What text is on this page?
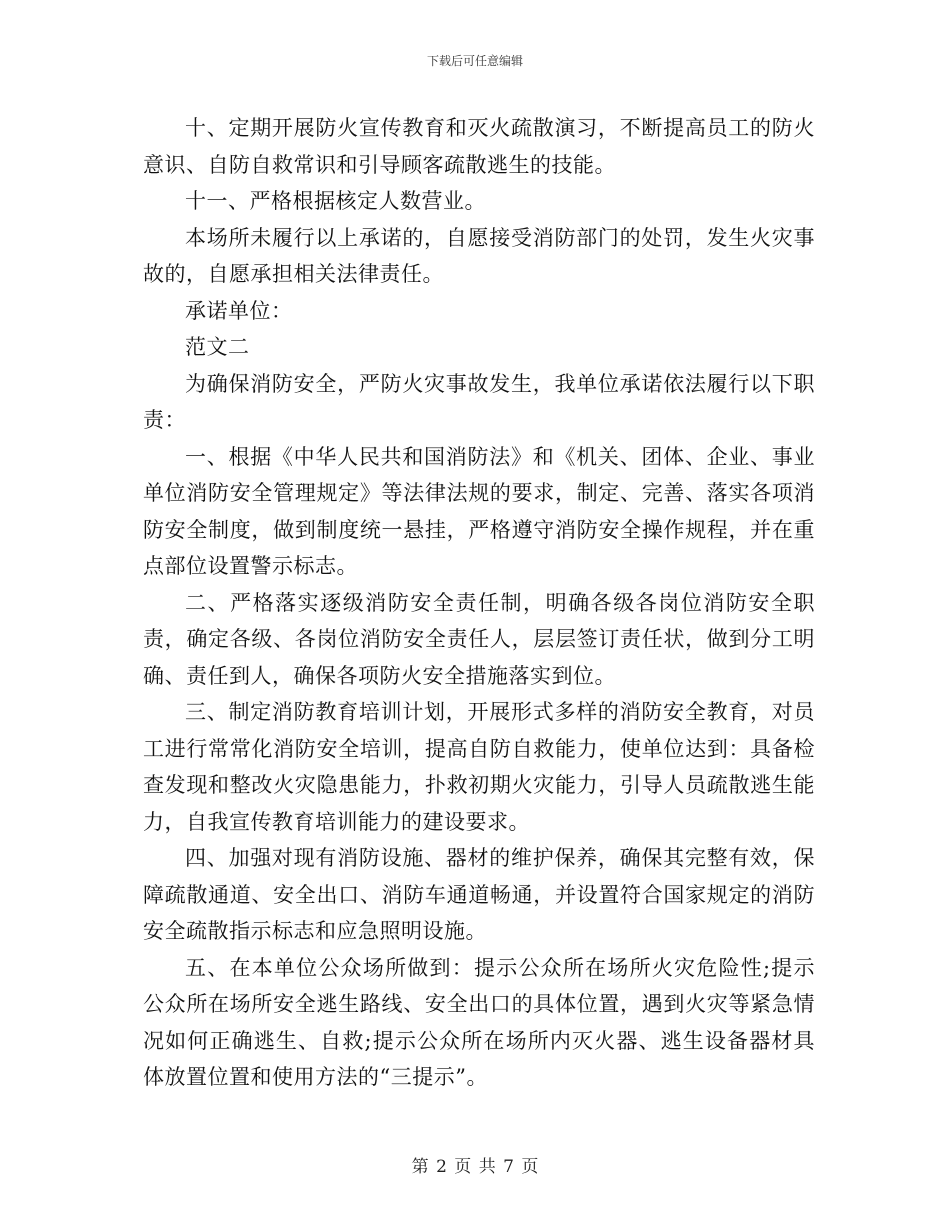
下载后可任意编辑

十、定期开展防火宣传教育和灭火疏散演习，不断提高员工的防火意识、自防自救常识和引导顾客疏散逃生的技能。

十一、严格根据核定人数营业。

本场所未履行以上承诺的，自愿接受消防部门的处罚，发生火灾事故的，自愿承担相关法律责任。

承诺单位：

范文二

为确保消防安全，严防火灾事故发生，我单位承诺依法履行以下职责：

一、根据《中华人民共和国消防法》和《机关、团体、企业、事业单位消防安全管理规定》等法律法规的要求，制定、完善、落实各项消防安全制度，做到制度统一悬挂，严格遵守消防安全操作规程，并在重点部位设置警示标志。

二、严格落实逐级消防安全责任制，明确各级各岗位消防安全职责，确定各级、各岗位消防安全责任人，层层签订责任状，做到分工明确、责任到人，确保各项防火安全措施落实到位。

三、制定消防教育培训计划，开展形式多样的消防安全教育，对员工进行常常化消防安全培训，提高自防自救能力，使单位达到：具备检查发现和整改火灾隐患能力，扑救初期火灾能力，引导人员疏散逃生能力，自我宣传教育培训能力的建设要求。

四、加强对现有消防设施、器材的维护保养，确保其完整有效，保障疏散通道、安全出口、消防车通道畅通，并设置符合国家规定的消防安全疏散指示标志和应急照明设施。

五、在本单位公众场所做到：提示公众所在场所火灾危险性;提示公众所在场所安全逃生路线、安全出口的具体位置，遇到火灾等紧急情况如何正确逃生、自救;提示公众所在场所内灭火器、逃生设备器材具体放置位置和使用方法的“三提示”。

第 2 页 共 7 页
